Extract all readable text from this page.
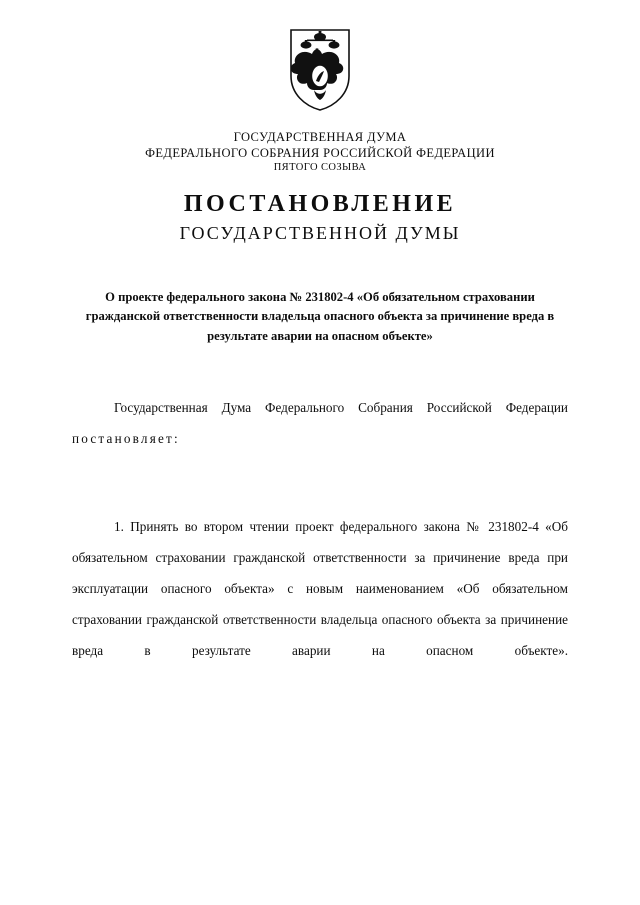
ГОСУДАРСТВЕННАЯ ДУМА
ФЕДЕРАЛЬНОГО СОБРАНИЯ РОССИЙСКОЙ ФЕДЕРАЦИИ
ПЯТОГО СОЗЫВА
ПОСТАНОВЛЕНИЕ
ГОСУДАРСТВЕННОЙ ДУМЫ
О проекте федерального закона № 231802-4 «Об обязательном страховании гражданской ответственности владельца опасного объекта за причинение вреда в результате аварии на опасном объекте»

Государственная Дума Федерального Собрания Российской Федерации постановляет:

1. Принять во втором чтении проект федерального закона № 231802-4 «Об обязательном страховании гражданской ответственности за причинение вреда при эксплуатации опасного объекта» с новым наименованием «Об обязательном страховании гражданской ответственности владельца опасного объекта за причинение вреда в результате аварии на опасном объекте».
